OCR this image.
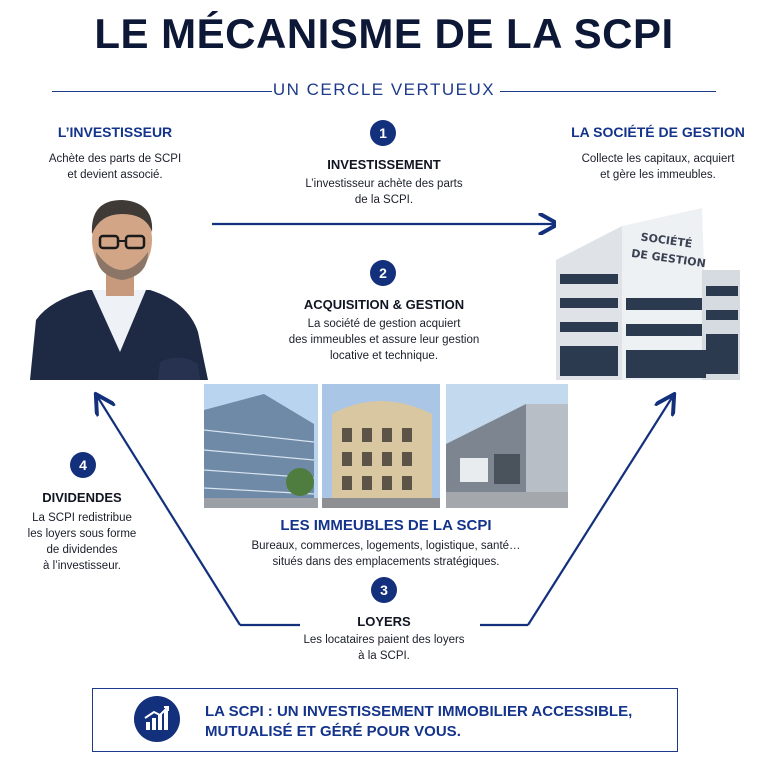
LE MÉCANISME DE LA SCPI
UN CERCLE VERTUEUX
L’INVESTISSEUR
Achète des parts de SCPI
et devient associé.
1
INVESTISSEMENT
L’investisseur achète des parts
de la SCPI.
LA SOCIÉTÉ DE GESTION
Collecte les capitaux, acquiert
et gère les immeubles.
SOCIÉTÉ
DE GESTION
2
ACQUISITION & GESTION
La société de gestion acquiert
des immeubles et assure leur gestion
locative et technique.
LES IMMEUBLES DE LA SCPI
Bureaux, commerces, logements, logistique, santé…
situés dans des emplacements stratégiques.
3
LOYERS
Les locataires paient des loyers
à la SCPI.
4
DIVIDENDES
La SCPI redistribue
les loyers sous forme
de dividendes
à l’investisseur.
LA SCPI : UN INVESTISSEMENT IMMOBILIER ACCESSIBLE,
MUTUALISÉ ET GÉRÉ POUR VOUS.
